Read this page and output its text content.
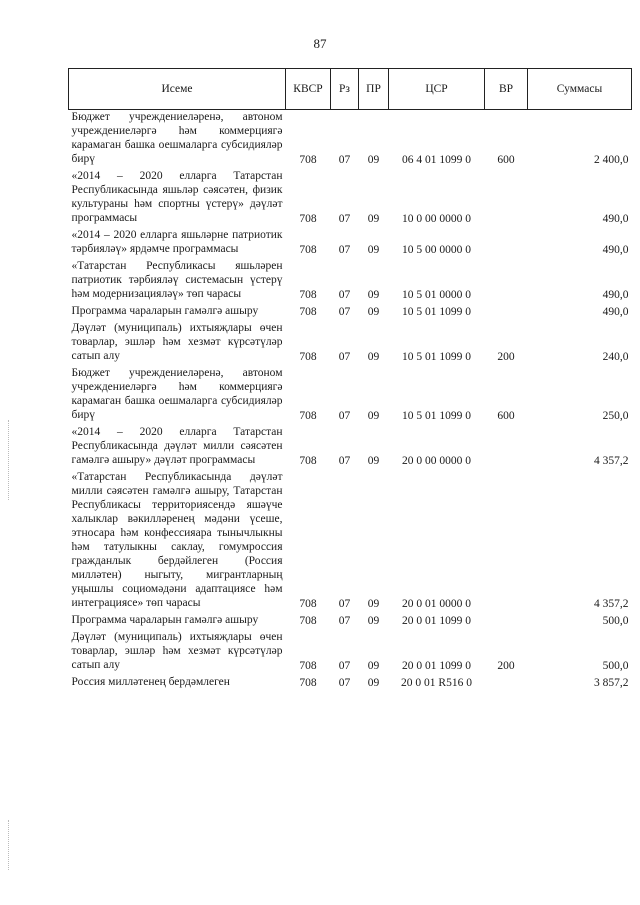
87
Исеме	КВСР	Рз	ПР	ЦСР	ВР	Суммасы
Бюджет учреждениеләренә, автоном учреждениеләргә һәм коммерциягә карамаган башка оешмаларга субсидияләр бирү	708	07	09	06 4 01 1099 0	600	2 400,0
«2014 – 2020 елларга Татарстан Республикасында яшьләр сәясәтен, физик культураны һәм спортны үстерү» дәүләт программасы	708	07	09	10 0 00 0000 0		490,0
«2014 – 2020 елларга яшьләрне патриотик тәрбияләү» ярдәмче программасы	708	07	09	10 5 00 0000 0		490,0
«Татарстан Республикасы яшьләрен патриотик тәрбияләү системасын үстерү һәм модернизацияләү» төп чарасы	708	07	09	10 5 01 0000 0		490,0
Программа чараларын гамәлгә ашыру	708	07	09	10 5 01 1099 0		490,0
Дәүләт (муниципаль) ихтыяҗлары өчен товарлар, эшләр һәм хезмәт күрсәтүләр сатып алу	708	07	09	10 5 01 1099 0	200	240,0
Бюджет учреждениеләренә, автоном учреждениеләргә һәм коммерциягә карамаган башка оешмаларга субсидияләр бирү	708	07	09	10 5 01 1099 0	600	250,0
«2014 – 2020 елларга Татарстан Республикасында дәүләт милли сәясәтен гамәлгә ашыру» дәүләт программасы	708	07	09	20 0 00 0000 0		4 357,2
«Татарстан Республикасында дәүләт милли сәясәтен гамәлгә ашыру, Татарстан Республикасы территориясендә яшәүче халыклар вәкилләренең мәдәни үсеше, этносара һәм конфессияара тынычлыкны һәм татулыкны саклау, гомумроссия гражданлык бердәйлеген (Россия милләтен) ныгыту, мигрантларның уңышлы социомәдәни адаптациясе һәм интеграциясе» төп чарасы	708	07	09	20 0 01 0000 0		4 357,2
Программа чараларын гамәлгә ашыру	708	07	09	20 0 01 1099 0		500,0
Дәүләт (муниципаль) ихтыяҗлары өчен товарлар, эшләр һәм хезмәт күрсәтүләр сатып алу	708	07	09	20 0 01 1099 0	200	500,0
Россия милләтенең бердәмлеген	708	07	09	20 0 01 R516 0		3 857,2
